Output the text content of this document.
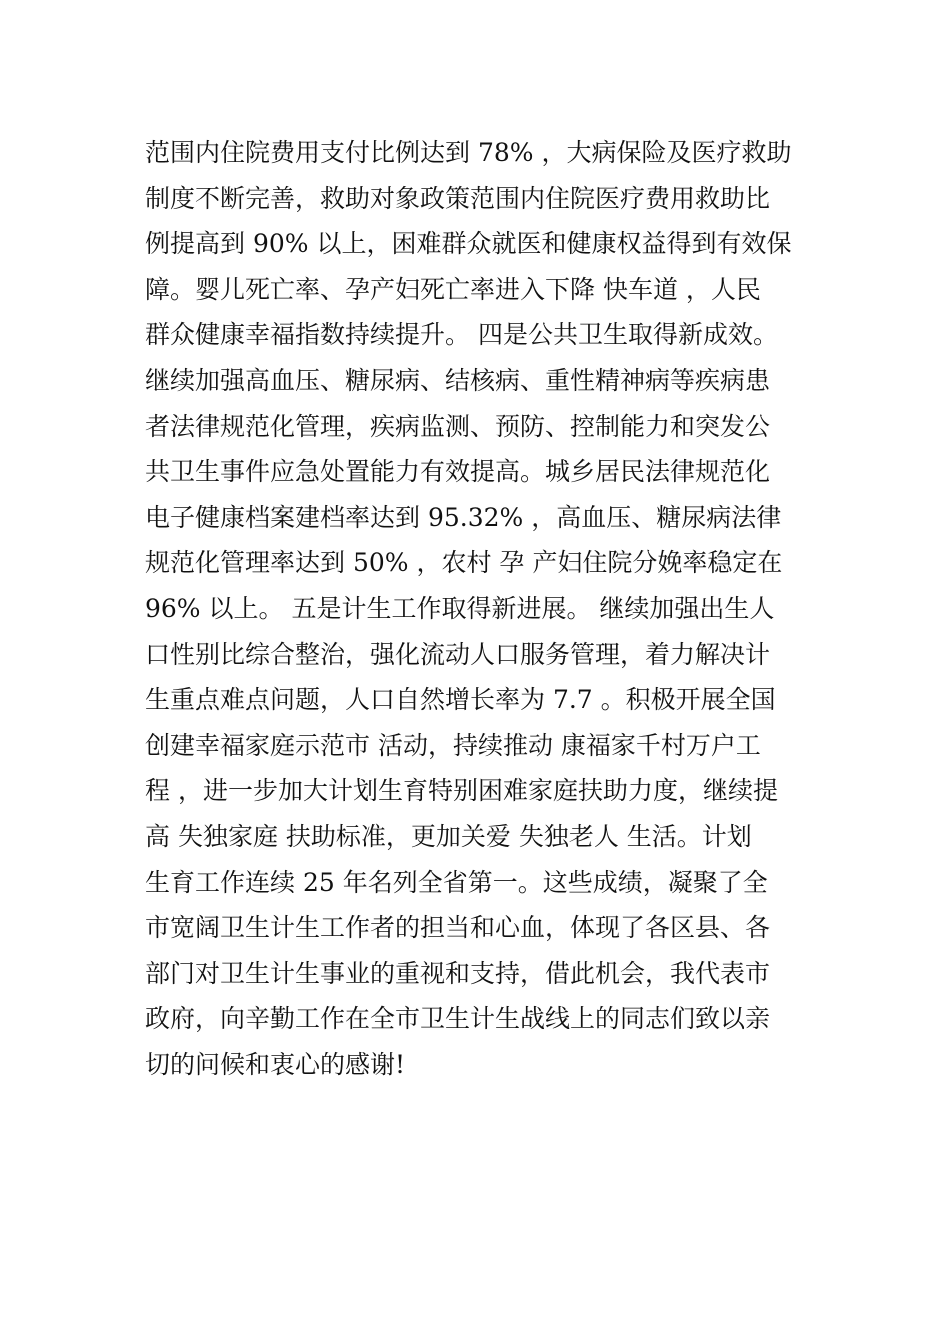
范围内住院费用支付比例达到 78% ，大病保险及医疗救助
制度不断完善，救助对象政策范围内住院医疗费用救助比
例提高到 90% 以上，困难群众就医和健康权益得到有效保
障。婴儿死亡率、孕产妇死亡率进入下降 快车道 ，人民
群众健康幸福指数持续提升。 四是公共卫生取得新成效。
继续加强高血压、糖尿病、结核病、重性精神病等疾病患
者法律规范化管理，疾病监测、预防、控制能力和突发公
共卫生事件应急处置能力有效提高。城乡居民法律规范化
电子健康档案建档率达到 95.32% ，高血压、糖尿病法律
规范化管理率达到 50% ，农村 孕 产妇住院分娩率稳定在
96% 以上。 五是计生工作取得新进展。 继续加强出生人
口性别比综合整治，强化流动人口服务管理，着力解决计
生重点难点问题，人口自然增长率为 7.7 。积极开展全国
创建幸福家庭示范市 活动，持续推动 康福家千村万户工
程 ，进一步加大计划生育特别困难家庭扶助力度，继续提
高 失独家庭 扶助标准，更加关爱 失独老人 生活。计划
生育工作连续 25 年名列全省第一。这些成绩，凝聚了全
市宽阔卫生计生工作者的担当和心血，体现了各区县、各
部门对卫生计生事业的重视和支持，借此机会，我代表市
政府，向辛勤工作在全市卫生计生战线上的同志们致以亲
切的问候和衷心的感谢!
